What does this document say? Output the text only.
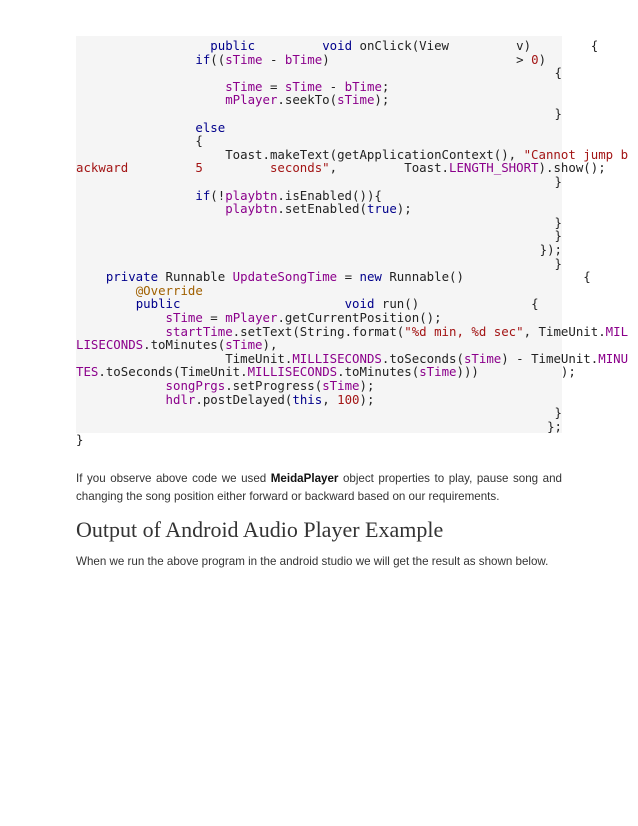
public	void onClick(View         v)        {
if((sTime - bTime)                         > 0)
{
sTime = sTime - bTime;
mPlayer.seekTo(sTime);
}
else
{
Toast.makeText(getApplicationContext(), "Cannot jump b
ackward	5         seconds",         Toast.LENGTH_SHORT).show();
}
if(!playbtn.isEnabled()){
playbtn.setEnabled(true);
}
}
});
}
private Runnable UpdateSongTime = new Runnable()                {
@Override
public	void run()               {
sTime = mPlayer.getCurrentPosition();
startTime.setText(String.format("%d min, %d sec", TimeUnit.MIL
LISECONDS.toMinutes(sTime),
TimeUnit.MILLISECONDS.toSeconds(sTime) - TimeUnit.MINU
TES.toSeconds(TimeUnit.MILLISECONDS.toMinutes(sTime)))           );
songPrgs.setProgress(sTime);
hdlr.postDelayed(this, 100);
}
};
}

If you observe above code we used MeidaPlayer object properties to play, pause song and changing the song position either forward or backward based on our requirements.

Output of Android Audio Player Example

When we run the above program in the android studio we will get the result as shown below.
